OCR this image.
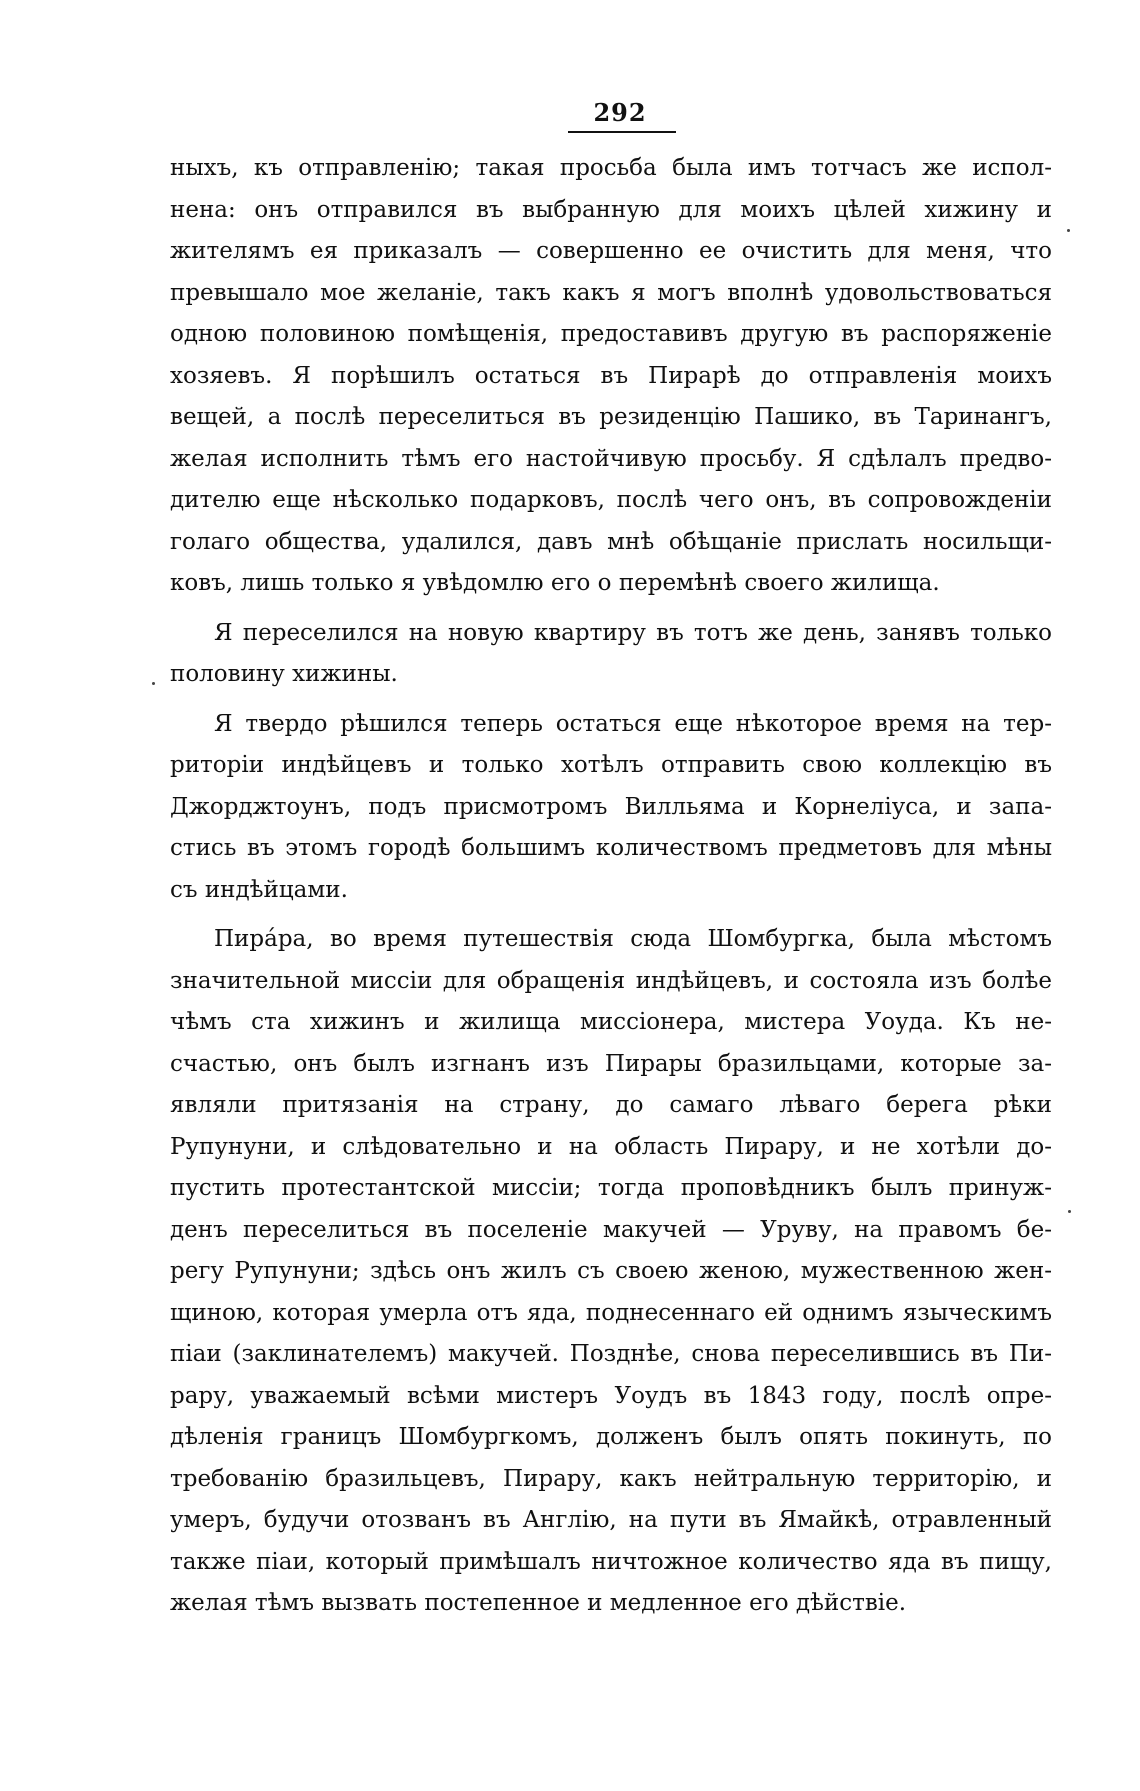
292
ныхъ, къ отправленію; такая просьба была имъ тотчасъ же испол-
нена: онъ отправился въ выбранную для моихъ цѣлей хижину и
жителямъ ея приказалъ — совершенно ее очистить для меня, что
превышало мое желаніе, такъ какъ я могъ вполнѣ удовольствоваться
одною половиною помѣщенія, предоставивъ другую въ распоряженіе
хозяевъ. Я порѣшилъ остаться въ Пирарѣ до отправленія моихъ
вещей, а послѣ переселиться въ резиденцію Пашико, въ Таринангъ,
желая исполнить тѣмъ его настойчивую просьбу. Я сдѣлалъ предво-
дителю еще нѣсколько подарковъ, послѣ чего онъ, въ сопровожденіи
голаго общества, удалился, давъ мнѣ обѣщаніе прислать носильщи-
ковъ, лишь только я увѣдомлю его о перемѣнѣ своего жилища.
Я переселился на новую квартиру въ тотъ же день, занявъ только
половину хижины.
Я твердо рѣшился теперь остаться еще нѣкоторое время на тер-
риторіи индѣйцевъ и только хотѣлъ отправить свою коллекцію въ
Джорджтоунъ, подъ присмотромъ Вилльяма и Корнеліуса, и запа-
стись въ этомъ городѣ большимъ количествомъ предметовъ для мѣны
съ индѣйцами.
Пира́ра, во время путешествія сюда Шомбургка, была мѣстомъ
значительной миссіи для обращенія индѣйцевъ, и состояла изъ болѣе
чѣмъ ста хижинъ и жилища миссіонера, мистера Уоуда. Къ не-
счастью, онъ былъ изгнанъ изъ Пирары бразильцами, которые за-
являли притязанія на страну, до самаго лѣваго берега рѣки
Рупунуни, и слѣдовательно и на область Пирару, и не хотѣли до-
пустить протестантской миссіи; тогда проповѣдникъ былъ принуж-
денъ переселиться въ поселеніе макучей — Уруву, на правомъ бе-
регу Рупунуни; здѣсь онъ жилъ съ своею женою, мужественною жен-
щиною, которая умерла отъ яда, поднесеннаго ей однимъ языческимъ
піаи (заклинателемъ) макучей. Позднѣе, снова переселившись въ Пи-
рару, уважаемый всѣми мистеръ Уоудъ въ 1843 году, послѣ опре-
дѣленія границъ Шомбургкомъ, долженъ былъ опять покинуть, по
требованію бразильцевъ, Пирару, какъ нейтральную территорію, и
умеръ, будучи отозванъ въ Англію, на пути въ Ямайкѣ, отравленный
также піаи, который примѣшалъ ничтожное количество яда въ пищу,
желая тѣмъ вызвать постепенное и медленное его дѣйствіе.
